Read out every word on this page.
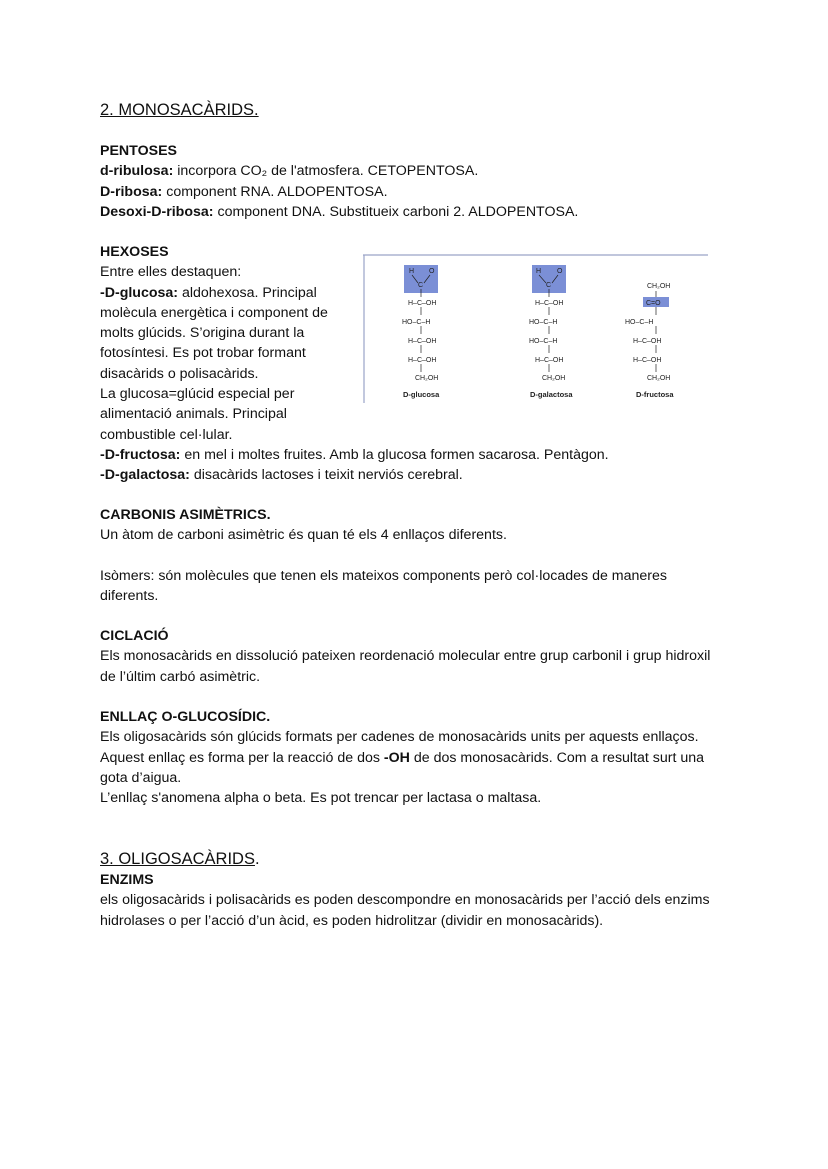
2. MONOSACÀRIDS.
PENTOSES
d-ribulosa: incorpora CO₂ de l'atmosfera. CETOPENTOSA.
D-ribosa: component RNA. ALDOPENTOSA.
Desoxi-D-ribosa: component DNA. Substitueix carboni 2. ALDOPENTOSA.
HEXOSES
Entre elles destaquen:
-D-glucosa: aldohexosa. Principal
molècula energètica i component de
molts glúcids. S’origina durant la
fotosíntesi. Es pot trobar formant
disacàrids o polisacàrids.
La glucosa=glúcid especial per
alimentació animals. Principal
combustible cel·lular.
-D-fructosa: en mel i moltes fruites. Amb la glucosa formen sacarosa. Pentàgon.
-D-galactosa: disacàrids lactoses i teixit nerviós cerebral.
CARBONIS ASIMÈTRICS.
Un àtom de carboni asimètric és quan té els 4 enllaços diferents.
Isòmers: són molècules que tenen els mateixos components però col·locades de maneres diferents.
CICLACIÓ
Els monosacàrids en dissolució pateixen reordenació molecular entre grup carbonil i grup hidroxil de l’últim carbó asimètric.
ENLLAÇ O-GLUCOSÍDIC.
Els oligosacàrids són glúcids formats per cadenes de monosacàrids units per aquests enllaços.
Aquest enllaç es forma per la reacció de dos -OH de dos monosacàrids. Com a resultat surt una gota d’aigua.
L’enllaç s'anomena alpha o beta. Es pot trencar per lactasa o maltasa.
3. OLIGOSACÀRIDS.
ENZIMS
els oligosacàrids i polisacàrids es poden descompondre en monosacàrids per l’acció dels enzims hidrolases o per l’acció d’un àcid, es poden hidrolitzar (dividir en monosacàrids).
H O
C
H–C–OH
HO–C–H
H–C–OH
H–C–OH
CH₂OH
D-glucosa
H O
C
H–C–OH
HO–C–H
HO–C–H
H–C–OH
CH₂OH
D-galactosa
CH₂OH
C=O
HO–C–H
H–C–OH
H–C–OH
CH₂OH
D-fructosa
